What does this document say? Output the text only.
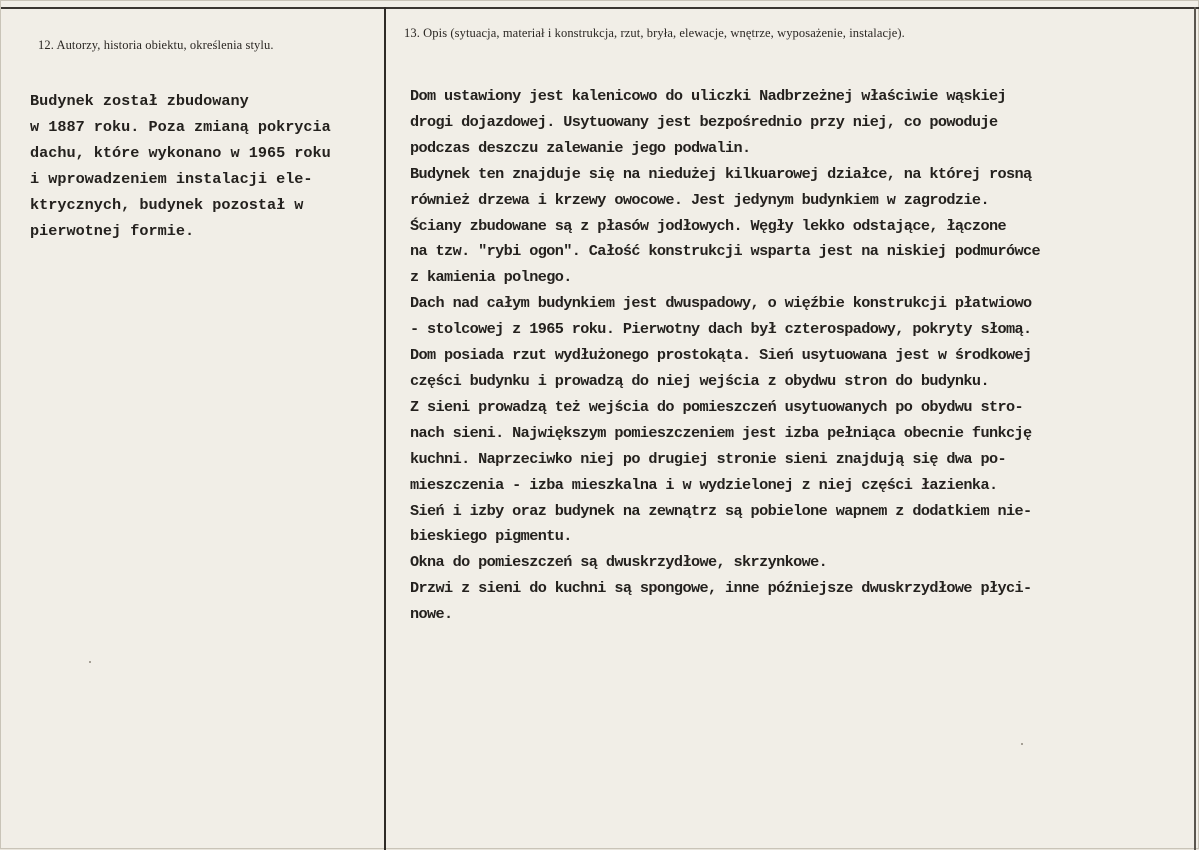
12. Autorzy, historia obiektu, określenia stylu.
13. Opis (sytuacja, materiał i konstrukcja, rzut, bryła, elewacje, wnętrze, wyposażenie, instalacje).
Budynek został zbudowany
w 1887 roku. Poza zmianą pokrycia
dachu, które wykonano w 1965 roku
i wprowadzeniem instalacji ele-
ktrycznych, budynek pozostał w
pierwotnej formie.
Dom ustawiony jest kalenicowo do uliczki Nadbrzeżnej właściwie wąskiej
drogi dojazdowej. Usytuowany jest bezpośrednio przy niej, co powoduje
podczas deszczu zalewanie jego podwalin.
Budynek ten znajduje się na niedużej kilkuarowej działce, na której rosną
również drzewa i krzewy owocowe. Jest jedynym budynkiem w zagrodzie.
Ściany zbudowane są z płasów jodłowych. Węgły lekko odstające, łączone
na tzw. "rybi ogon". Całość konstrukcji wsparta jest na niskiej podmurówce
z kamienia polnego.
Dach nad całym budynkiem jest dwuspadowy, o więźbie konstrukcji płatwiowo
- stolcowej z 1965 roku. Pierwotny dach był czterospadowy, pokryty słomą.
Dom posiada rzut wydłużonego prostokąta. Sień usytuowana jest w środkowej
części budynku i prowadzą do niej wejścia z obydwu stron do budynku.
Z sieni prowadzą też wejścia do pomieszczeń usytuowanych po obydwu stro-
nach sieni. Największym pomieszczeniem jest izba pełniąca obecnie funkcję
kuchni. Naprzeciwko niej po drugiej stronie sieni znajdują się dwa po-
mieszczenia - izba mieszkalna i w wydzielonej z niej części łazienka.
Sień i izby oraz budynek na zewnątrz są pobielone wapnem z dodatkiem nie-
bieskiego pigmentu.
Okna do pomieszczeń są dwuskrzydłowe, skrzynkowe.
Drzwi z sieni do kuchni są spongowe, inne późniejsze dwuskrzydłowe płyci-
nowe.
